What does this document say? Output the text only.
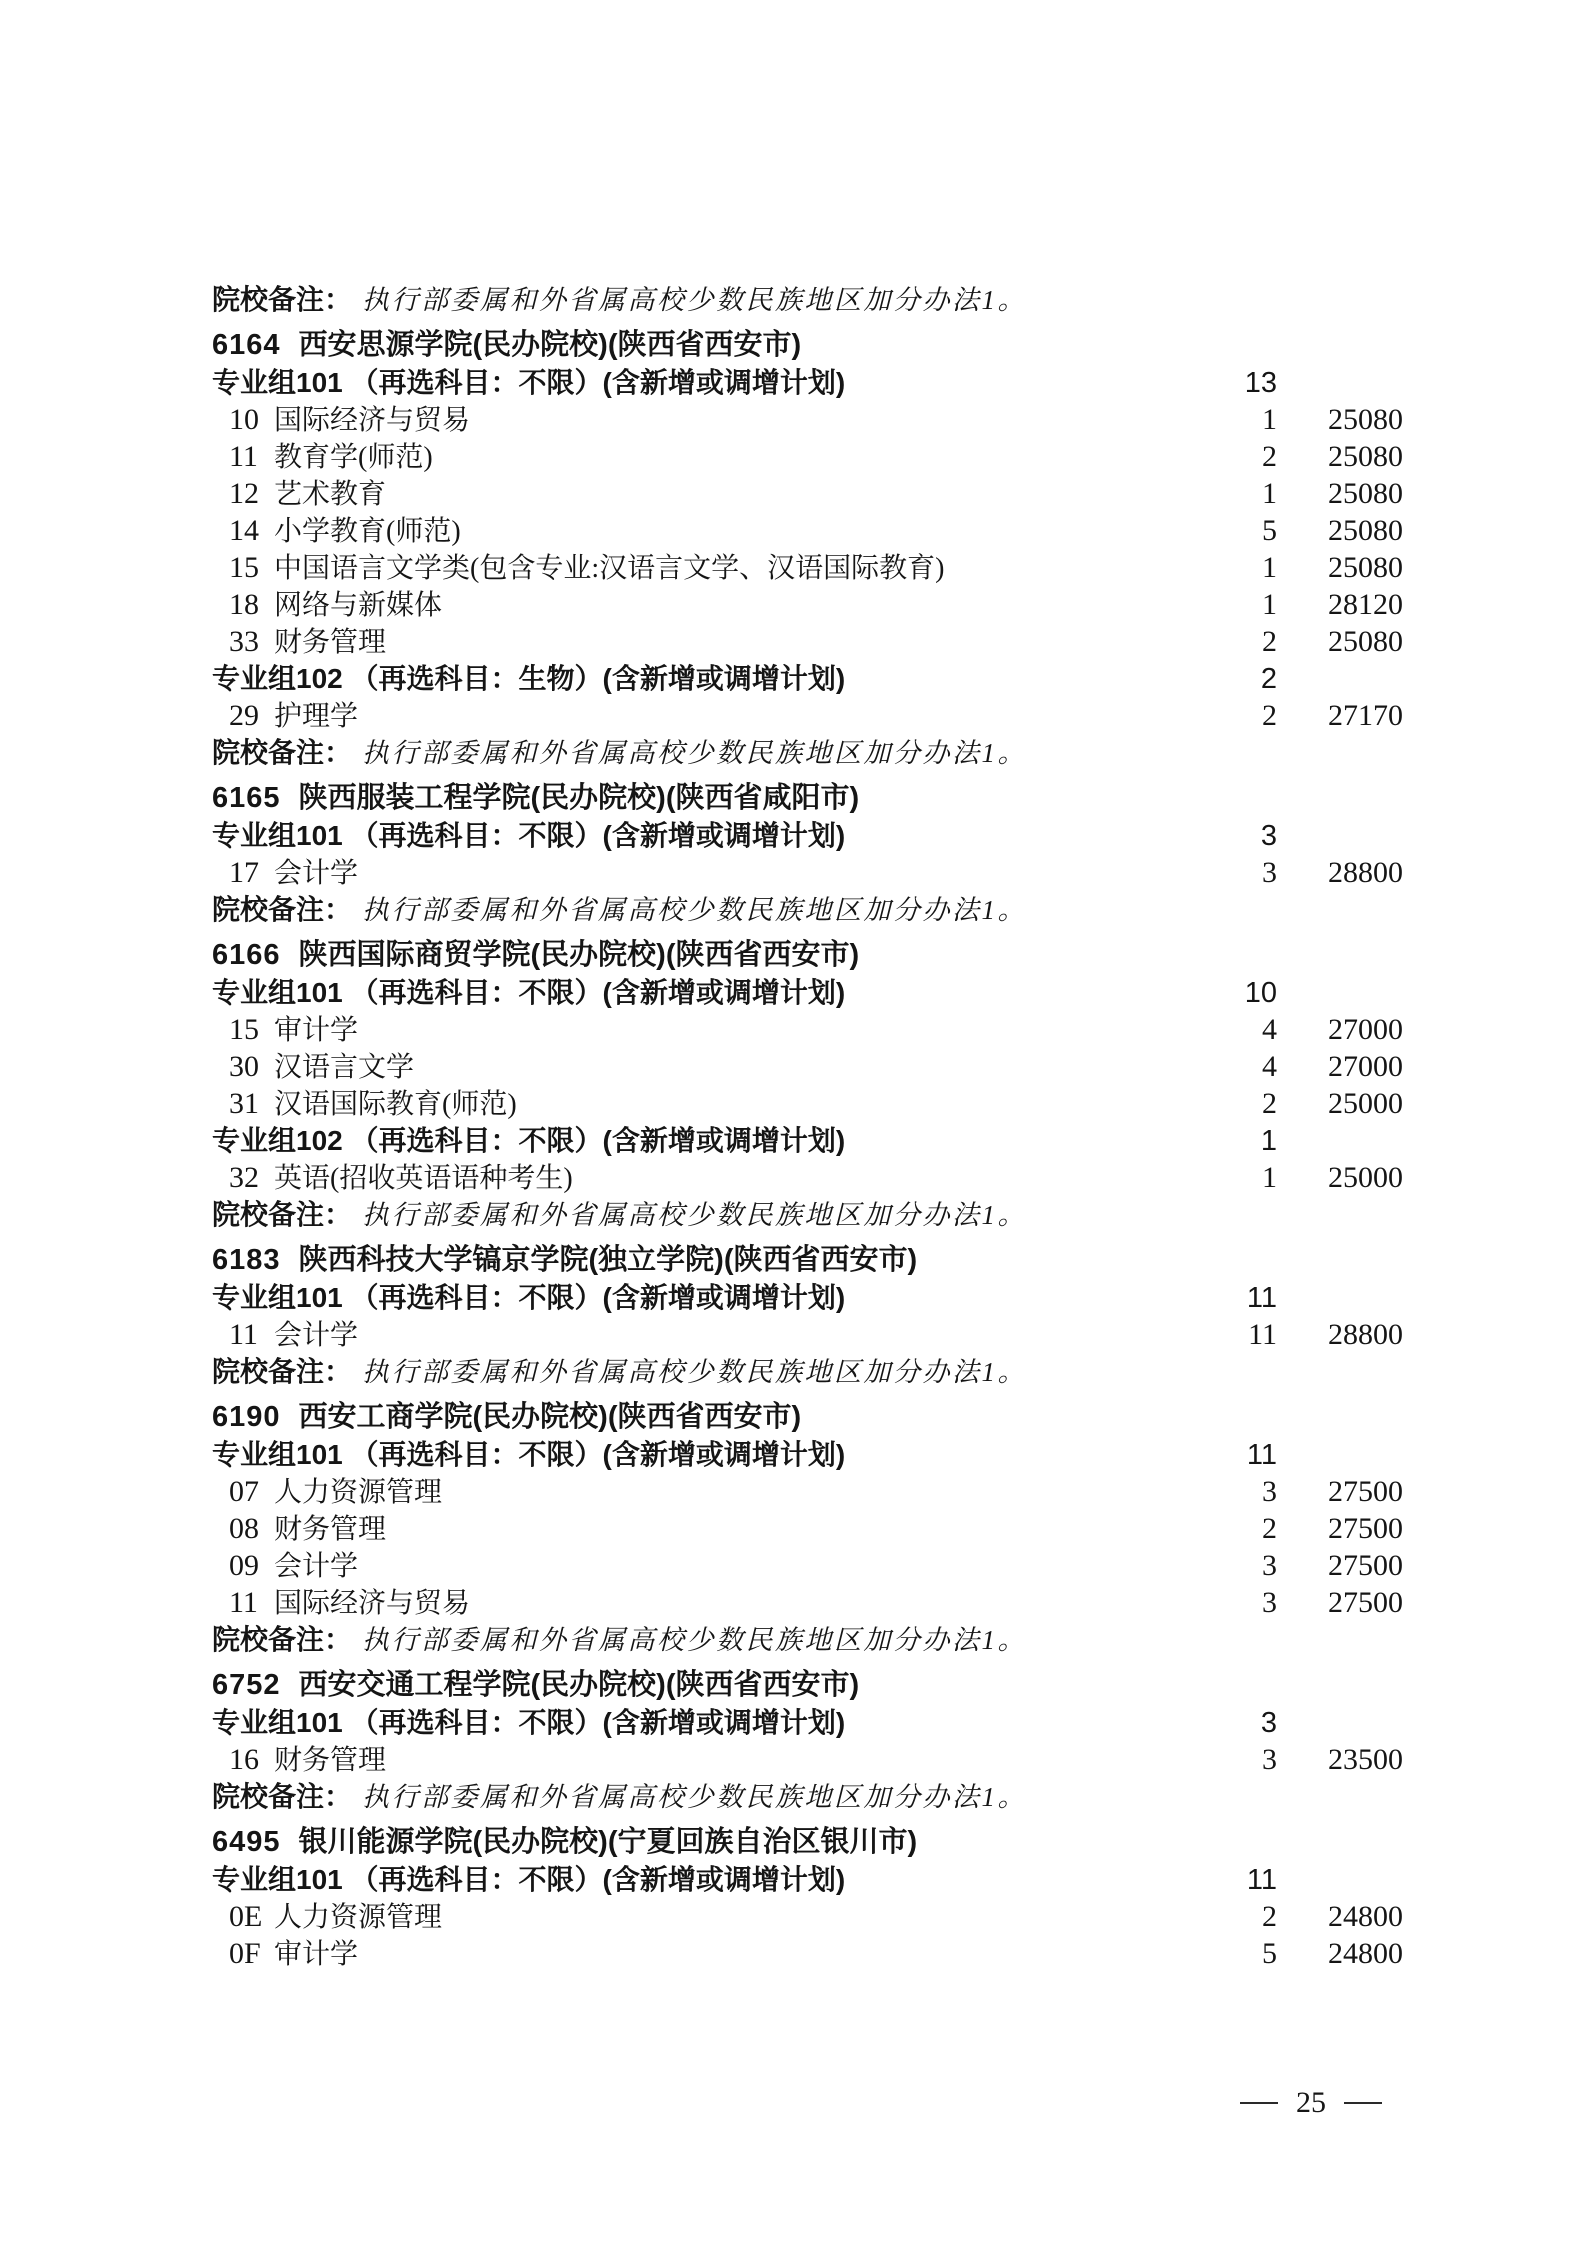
院校备注： 执行部委属和外省属高校少数民族地区加分办法1。
6164 西安思源学院(民办院校)(陕西省西安市)
专业组101 （再选科目：不限）(含新增或调增计划)	13
10 国际经济与贸易	1	25080
11 教育学(师范)	2	25080
12 艺术教育	1	25080
14 小学教育(师范)	5	25080
15 中国语言文学类(包含专业:汉语言文学、汉语国际教育)	1	25080
18 网络与新媒体	1	28120
33 财务管理	2	25080
专业组102 （再选科目：生物）(含新增或调增计划)	2
29 护理学	2	27170
院校备注： 执行部委属和外省属高校少数民族地区加分办法1。
6165 陕西服装工程学院(民办院校)(陕西省咸阳市)
专业组101 （再选科目：不限）(含新增或调增计划)	3
17 会计学	3	28800
院校备注： 执行部委属和外省属高校少数民族地区加分办法1。
6166 陕西国际商贸学院(民办院校)(陕西省西安市)
专业组101 （再选科目：不限）(含新增或调增计划)	10
15 审计学	4	27000
30 汉语言文学	4	27000
31 汉语国际教育(师范)	2	25000
专业组102 （再选科目：不限）(含新增或调增计划)	1
32 英语(招收英语语种考生)	1	25000
院校备注： 执行部委属和外省属高校少数民族地区加分办法1。
6183 陕西科技大学镐京学院(独立学院)(陕西省西安市)
专业组101 （再选科目：不限）(含新增或调增计划)	11
11 会计学	11	28800
院校备注： 执行部委属和外省属高校少数民族地区加分办法1。
6190 西安工商学院(民办院校)(陕西省西安市)
专业组101 （再选科目：不限）(含新增或调增计划)	11
07 人力资源管理	3	27500
08 财务管理	2	27500
09 会计学	3	27500
11 国际经济与贸易	3	27500
院校备注： 执行部委属和外省属高校少数民族地区加分办法1。
6752 西安交通工程学院(民办院校)(陕西省西安市)
专业组101 （再选科目：不限）(含新增或调增计划)	3
16 财务管理	3	23500
院校备注： 执行部委属和外省属高校少数民族地区加分办法1。
6495 银川能源学院(民办院校)(宁夏回族自治区银川市)
专业组101 （再选科目：不限）(含新增或调增计划)	11
0E 人力资源管理	2	24800
0F 审计学	5	24800
25
